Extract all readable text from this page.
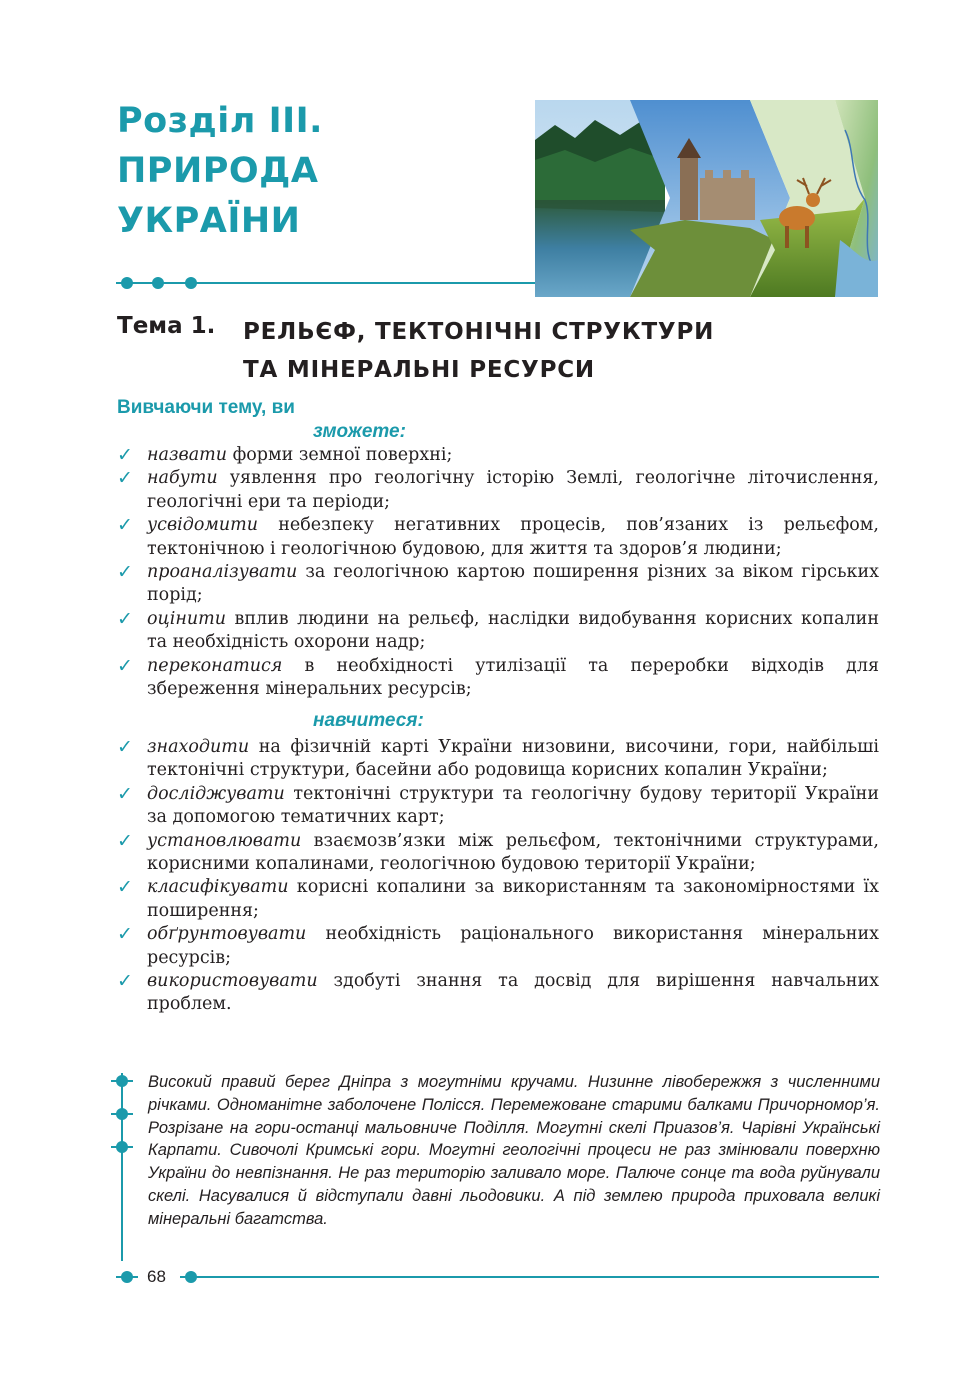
Розділ ІІІ. ПРИРОДА
УКРАЇНИ
Тема 1. РЕЛЬЄФ, ТЕКТОНІЧНІ СТРУКТУРИ
ТА МІНЕРАЛЬНІ РЕСУРСИ
Вивчаючи тему, ви
зможете:
✓ назвати форми земної поверхні;
✓ набути уявлення про геологічну історію Землі, геологічне літочислення, геологічні ери та періоди;
✓ усвідомити небезпеку негативних процесів, пов’язаних із рельєфом, тектонічною і геологічною будовою, для життя та здоров’я людини;
✓ проаналізувати за геологічною картою поширення різних за віком гірських порід;
✓ оцінити вплив людини на рельєф, наслідки видобування корисних копалин та необхідність охорони надр;
✓ переконатися в необхідності утилізації та переробки відходів для збереження мінеральних ресурсів;
навчитеся:
✓ знаходити на фізичній карті України низовини, височини, гори, найбільші тектонічні структури, басейни або родовища корисних копалин України;
✓ досліджувати тектонічні структури та геологічну будову території України за допомогою тематичних карт;
✓ установлювати взаємозв’язки між рельєфом, тектонічними структурами, корисними копалинами, геологічною будовою території України;
✓ класифікувати корисні копалини за використанням та закономірностями їх поширення;
✓ обґрунтовувати необхідність раціонального використання мінеральних ресурсів;
✓ використовувати здобуті знання та досвід для вирішення навчальних проблем.
Високий правий берег Дніпра з могутніми кручами. Низинне лівобережжя з численними річками. Одноманітне заболочене Полісся. Перемежоване старими балками Причорномор’я. Розрізане на гори-останці мальовниче Поділля. Могутні скелі Приазов’я. Чарівні Українські Карпати. Сивочолі Кримські гори. Могутні геологічні процеси не раз змінювали поверхню України до невпізнання. Не раз територію заливало море. Палюче сонце та вода руйнували скелі. Насувалися й відступали давні льодовики. А під землею природа приховала великі мінеральні багатства.
68
